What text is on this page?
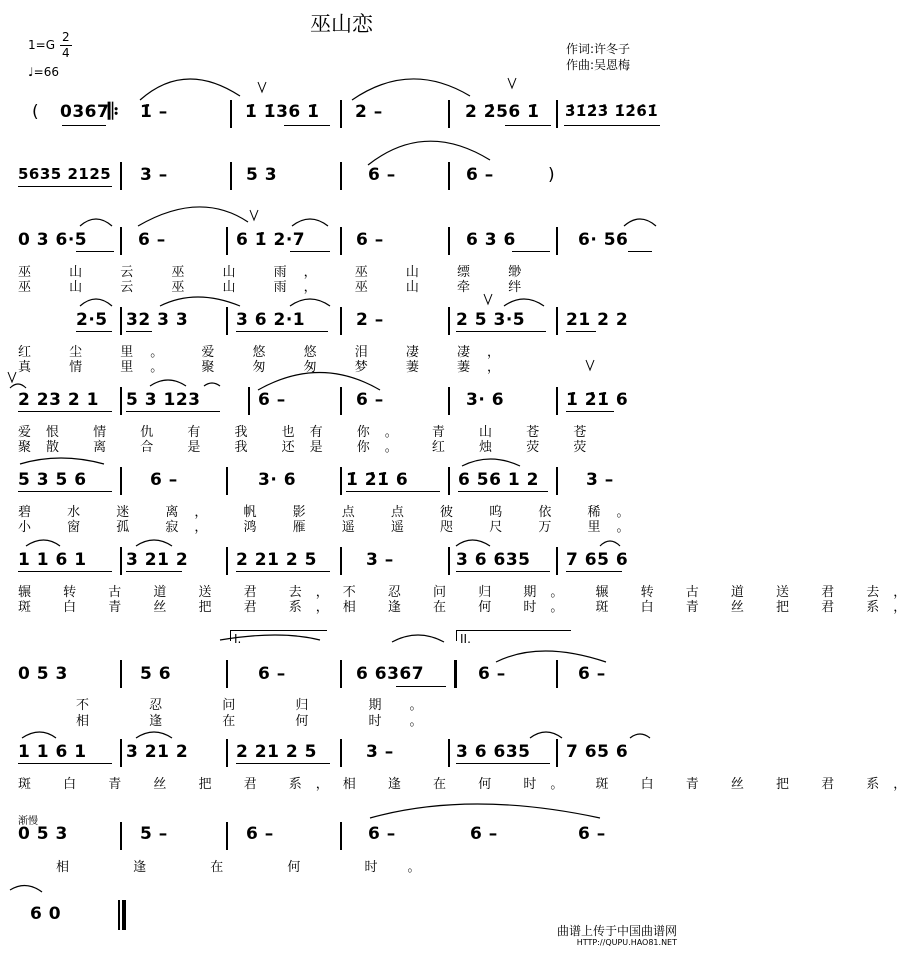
巫山恋
1=G
2
4
♩=66
作词:许冬子
作曲:吴恩梅
( 0367
𝄆 1̇ –	1̇ 1̇36 1̇ 2 –	2 2̇56 1̇ 3̇1̇2̇3̇ 1̇2̇6̇1̇
5635 2125 3 –	5 3	6 –	6 –	)
0 3 6·5	6 –	6 1̇ 2·7	6 –	6 3 6	6· 56
巫 山 云 巫 山 雨， 巫 山 缥 缈
巫 山 云 巫 山 雨， 巫 山 牵 绊
2·5 32 3 3	3 6 2·1	2 –	2 5 3·5 21 2 2
红 尘 里。 爱 悠 悠 泪 凄 凄，
真 情 里。 聚 匆 匆 梦 萋 萋，
2 23 2 1 5 3 123	6 –	6 –	3· 6	1̇ 2̇1̇ 6
爱恨 情 仇 有 我 也有 你。 青 山 苍 苍
聚散 离 合 是 我 还是 你。 红 烛 荧 荧
5 3 5 6	6 –	3· 6	1̇ 2̇1̇ 6	6 56 1 2	3 –
碧 水 迷 离， 帆 影 点 点 彼 呜 依 稀。
小 窗 孤 寂， 鸿 雁 遥 遥 咫 尺 万 里。
1 1 6 1 3 21 2	2 21 2 5	3 –	3 6 635 7 65 6
辗 转 古 道 送 君 去，不 忍 问 归 期。 辗 转 古 道 送 君 去，
斑 白 青 丝 把 君 系，相 逢 在 何 时。 斑 白 青 丝 把 君 系，
I.	II.
0 5 3	5 6	6 –	6 6367	6 –	6 –
不 忍 问 归 期。
相 逢 在 何 时。
1 1 6 1 3 21 2	2 21 2 5	3 –	3 6 635 7 65 6
斑 白 青 丝 把 君 系，相 逢 在 何 时。 斑 白 青 丝 把 君 系，
渐慢
0 5 3	5 –	6 –	6 –	6 –	6 –
相 逢 在 何 时。
6 0
曲谱上传于中国曲谱网
HTTP://QUPU.HAO81.NET
